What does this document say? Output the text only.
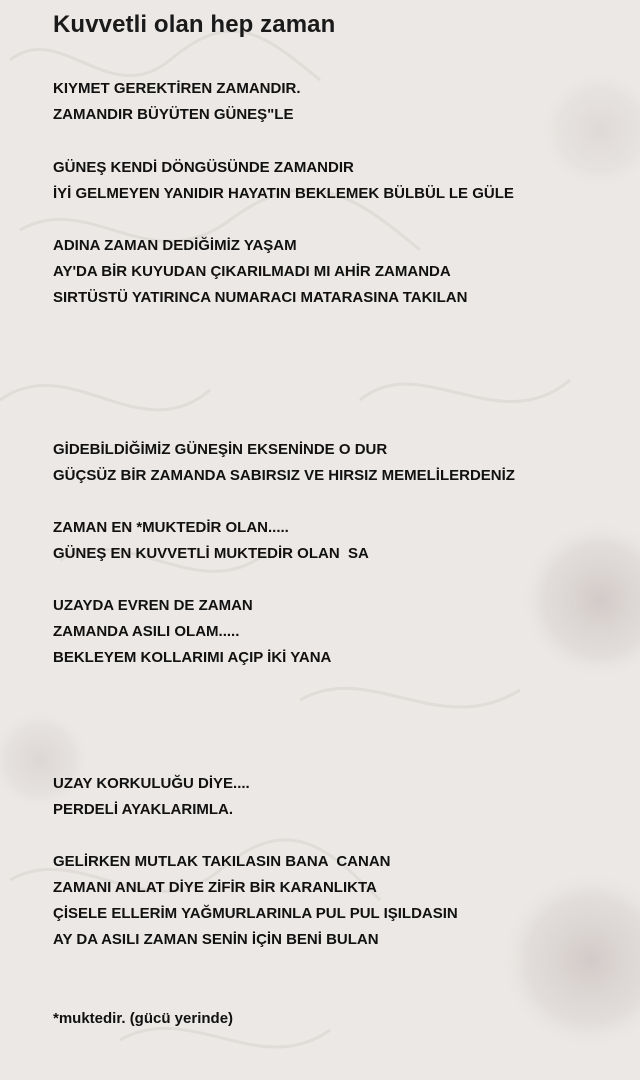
Kuvvetli olan hep zaman
KIYMET GEREKTİREN ZAMANDIR.
ZAMANDIR BÜYÜTEN GÜNEŞ"LE
GÜNEŞ KENDİ DÖNGÜSÜNDE ZAMANDIR
İYİ GELMEYEN YANIDIR HAYATIN BEKLEMEK BÜLBÜL LE GÜLE
ADINA ZAMAN DEDİĞİMİZ YAŞAM
AY'DA BİR KUYUDAN ÇIKARILMADI MI AHİR ZAMANDA
SIRTÜSTÜ YATIRINCA NUMARACI MATARASINA TAKILAN
GİDEBİLDİĞİMİZ GÜNEŞİN EKSENİNDE O DUR
GÜÇSÜZ BİR ZAMANDA SABIRSIZ VE HIRSIZ MEMELİLERDENİZ
ZAMAN EN *MUKTEDİR OLAN.....
GÜNEŞ EN KUVVETLİ MUKTEDİR OLAN  SA
UZAYDA EVREN DE ZAMAN
ZAMANDA ASILI OLAM.....
BEKLEYEM KOLLARIMI AÇIP İKİ YANA
UZAY KORKULUĞU DİYE....
PERDELİ AYAKLARIMLA.
GELİRKEN MUTLAK TAKILASIN BANA  CANAN
ZAMANI ANLAT DİYE ZİFİR BİR KARANLIKTA
ÇİSELE ELLERİM YAĞMURLARINLA PUL PUL IŞILDASIN
AY DA ASILI ZAMAN SENİN İÇİN BENİ BULAN

*muktedir. (gücü yerinde)
